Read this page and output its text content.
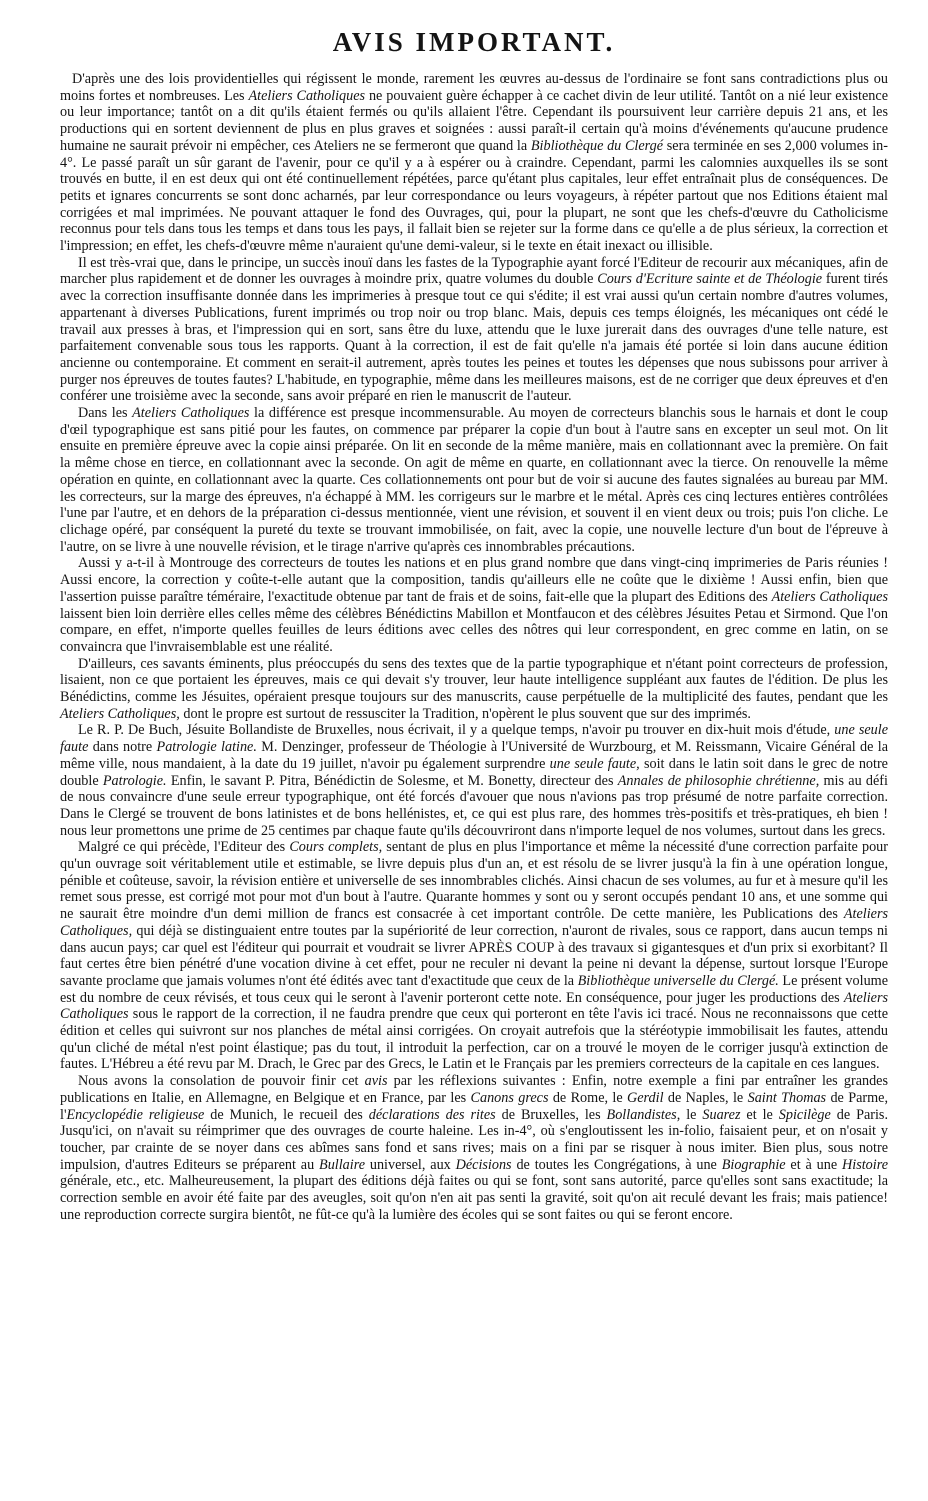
AVIS IMPORTANT.

D'après une des lois providentielles qui régissent le monde, rarement les œuvres au-dessus de l'ordinaire se font sans contradictions plus ou moins fortes et nombreuses. Les Ateliers Catholiques ne pouvaient guère échapper à ce cachet divin de leur utilité. Tantôt on a nié leur existence ou leur importance; tantôt on a dit qu'ils étaient fermés ou qu'ils allaient l'être. Cependant ils poursuivent leur carrière depuis 21 ans, et les productions qui en sortent deviennent de plus en plus graves et soignées : aussi paraît-il certain qu'à moins d'événements qu'aucune prudence humaine ne saurait prévoir ni empêcher, ces Ateliers ne se fermeront que quand la Bibliothèque du Clergé sera terminée en ses 2,000 volumes in-4°. Le passé paraît un sûr garant de l'avenir, pour ce qu'il y a à espérer ou à craindre. Cependant, parmi les calomnies auxquelles ils se sont trouvés en butte, il en est deux qui ont été continuellement répétées, parce qu'étant plus capitales, leur effet entraînait plus de conséquences. De petits et ignares concurrents se sont donc acharnés, par leur correspondance ou leurs voyageurs, à répéter partout que nos Editions étaient mal corrigées et mal imprimées. Ne pouvant attaquer le fond des Ouvrages, qui, pour la plupart, ne sont que les chefs-d'œuvre du Catholicisme reconnus pour tels dans tous les temps et dans tous les pays, il fallait bien se rejeter sur la forme dans ce qu'elle a de plus sérieux, la correction et l'impression; en effet, les chefs-d'œuvre même n'auraient qu'une demi-valeur, si le texte en était inexact ou illisible.

Il est très-vrai que, dans le principe, un succès inouï dans les fastes de la Typographie ayant forcé l'Editeur de recourir aux mécaniques, afin de marcher plus rapidement et de donner les ouvrages à moindre prix, quatre volumes du double Cours d'Ecriture sainte et de Théologie furent tirés avec la correction insuffisante donnée dans les imprimeries à presque tout ce qui s'édite; il est vrai aussi qu'un certain nombre d'autres volumes, appartenant à diverses Publications, furent imprimés ou trop noir ou trop blanc. Mais, depuis ces temps éloignés, les mécaniques ont cédé le travail aux presses à bras, et l'impression qui en sort, sans être du luxe, attendu que le luxe jurerait dans des ouvrages d'une telle nature, est parfaitement convenable sous tous les rapports. Quant à la correction, il est de fait qu'elle n'a jamais été portée si loin dans aucune édition ancienne ou contemporaine. Et comment en serait-il autrement, après toutes les peines et toutes les dépenses que nous subissons pour arriver à purger nos épreuves de toutes fautes? L'habitude, en typographie, même dans les meilleures maisons, est de ne corriger que deux épreuves et d'en conférer une troisième avec la seconde, sans avoir préparé en rien le manuscrit de l'auteur.

Dans les Ateliers Catholiques la différence est presque incommensurable. Au moyen de correcteurs blanchis sous le harnais et dont le coup d'œil typographique est sans pitié pour les fautes, on commence par préparer la copie d'un bout à l'autre sans en excepter un seul mot. On lit ensuite en première épreuve avec la copie ainsi préparée. On lit en seconde de la même manière, mais en collationnant avec la première. On fait la même chose en tierce, en collationnant avec la seconde. On agit de même en quarte, en collationnant avec la tierce. On renouvelle la même opération en quinte, en collationnant avec la quarte. Ces collationnements ont pour but de voir si aucune des fautes signalées au bureau par MM. les correcteurs, sur la marge des épreuves, n'a échappé à MM. les corrigeurs sur le marbre et le métal. Après ces cinq lectures entières contrôlées l'une par l'autre, et en dehors de la préparation ci-dessus mentionnée, vient une révision, et souvent il en vient deux ou trois; puis l'on cliche. Le clichage opéré, par conséquent la pureté du texte se trouvant immobilisée, on fait, avec la copie, une nouvelle lecture d'un bout de l'épreuve à l'autre, on se livre à une nouvelle révision, et le tirage n'arrive qu'après ces innombrables précautions.

Aussi y a-t-il à Montrouge des correcteurs de toutes les nations et en plus grand nombre que dans vingt-cinq imprimeries de Paris réunies ! Aussi encore, la correction y coûte-t-elle autant que la composition, tandis qu'ailleurs elle ne coûte que le dixième ! Aussi enfin, bien que l'assertion puisse paraître téméraire, l'exactitude obtenue par tant de frais et de soins, fait-elle que la plupart des Editions des Ateliers Catholiques laissent bien loin derrière elles celles même des célèbres Bénédictins Mabillon et Montfaucon et des célèbres Jésuites Petau et Sirmond. Que l'on compare, en effet, n'importe quelles feuilles de leurs éditions avec celles des nôtres qui leur correspondent, en grec comme en latin, on se convaincra que l'invraisemblable est une réalité.

D'ailleurs, ces savants éminents, plus préoccupés du sens des textes que de la partie typographique et n'étant point correcteurs de profession, lisaient, non ce que portaient les épreuves, mais ce qui devait s'y trouver, leur haute intelligence suppléant aux fautes de l'édition. De plus les Bénédictins, comme les Jésuites, opéraient presque toujours sur des manuscrits, cause perpétuelle de la multiplicité des fautes, pendant que les Ateliers Catholiques, dont le propre est surtout de ressusciter la Tradition, n'opèrent le plus souvent que sur des imprimés.

Le R. P. De Buch, Jésuite Bollandiste de Bruxelles, nous écrivait, il y a quelque temps, n'avoir pu trouver en dix-huit mois d'étude, une seule faute dans notre Patrologie latine. M. Denzinger, professeur de Théologie à l'Université de Wurzbourg, et M. Reissmann, Vicaire Général de la même ville, nous mandaient, à la date du 19 juillet, n'avoir pu également surprendre une seule faute, soit dans le latin soit dans le grec de notre double Patrologie. Enfin, le savant P. Pitra, Bénédictin de Solesme, et M. Bonetty, directeur des Annales de philosophie chrétienne, mis au défi de nous convaincre d'une seule erreur typographique, ont été forcés d'avouer que nous n'avions pas trop présumé de notre parfaite correction. Dans le Clergé se trouvent de bons latinistes et de bons hellénistes, et, ce qui est plus rare, des hommes très-positifs et très-pratiques, eh bien ! nous leur promettons une prime de 25 centimes par chaque faute qu'ils découvriront dans n'importe lequel de nos volumes, surtout dans les grecs.

Malgré ce qui précède, l'Editeur des Cours complets, sentant de plus en plus l'importance et même la nécessité d'une correction parfaite pour qu'un ouvrage soit véritablement utile et estimable, se livre depuis plus d'un an, et est résolu de se livrer jusqu'à la fin à une opération longue, pénible et coûteuse, savoir, la révision entière et universelle de ses innombrables clichés. Ainsi chacun de ses volumes, au fur et à mesure qu'il les remet sous presse, est corrigé mot pour mot d'un bout à l'autre. Quarante hommes y sont ou y seront occupés pendant 10 ans, et une somme qui ne saurait être moindre d'un demi million de francs est consacrée à cet important contrôle. De cette manière, les Publications des Ateliers Catholiques, qui déjà se distinguaient entre toutes par la supériorité de leur correction, n'auront de rivales, sous ce rapport, dans aucun temps ni dans aucun pays; car quel est l'éditeur qui pourrait et voudrait se livrer APRÈS COUP à des travaux si gigantesques et d'un prix si exorbitant? Il faut certes être bien pénétré d'une vocation divine à cet effet, pour ne reculer ni devant la peine ni devant la dépense, surtout lorsque l'Europe savante proclame que jamais volumes n'ont été édités avec tant d'exactitude que ceux de la Bibliothèque universelle du Clergé. Le présent volume est du nombre de ceux révisés, et tous ceux qui le seront à l'avenir porteront cette note. En conséquence, pour juger les productions des Ateliers Catholiques sous le rapport de la correction, il ne faudra prendre que ceux qui porteront en tête l'avis ici tracé. Nous ne reconnaissons que cette édition et celles qui suivront sur nos planches de métal ainsi corrigées. On croyait autrefois que la stéréotypie immobilisait les fautes, attendu qu'un cliché de métal n'est point élastique; pas du tout, il introduit la perfection, car on a trouvé le moyen de le corriger jusqu'à extinction de fautes. L'Hébreu a été revu par M. Drach, le Grec par des Grecs, le Latin et le Français par les premiers correcteurs de la capitale en ces langues.

Nous avons la consolation de pouvoir finir cet avis par les réflexions suivantes : Enfin, notre exemple a fini par entraîner les grandes publications en Italie, en Allemagne, en Belgique et en France, par les Canons grecs de Rome, le Gerdil de Naples, le Saint Thomas de Parme, l'Encyclopédie religieuse de Munich, le recueil des déclarations des rites de Bruxelles, les Bollandistes, le Suarez et le Spicilège de Paris. Jusqu'ici, on n'avait su réimprimer que des ouvrages de courte haleine. Les in-4°, où s'engloutissent les in-folio, faisaient peur, et on n'osait y toucher, par crainte de se noyer dans ces abîmes sans fond et sans rives; mais on a fini par se risquer à nous imiter. Bien plus, sous notre impulsion, d'autres Editeurs se préparent au Bullaire universel, aux Décisions de toutes les Congrégations, à une Biographie et à une Histoire générale, etc., etc. Malheureusement, la plupart des éditions déjà faites ou qui se font, sont sans autorité, parce qu'elles sont sans exactitude; la correction semble en avoir été faite par des aveugles, soit qu'on n'en ait pas senti la gravité, soit qu'on ait reculé devant les frais; mais patience! une reproduction correcte surgira bientôt, ne fût-ce qu'à la lumière des écoles qui se sont faites ou qui se feront encore.
